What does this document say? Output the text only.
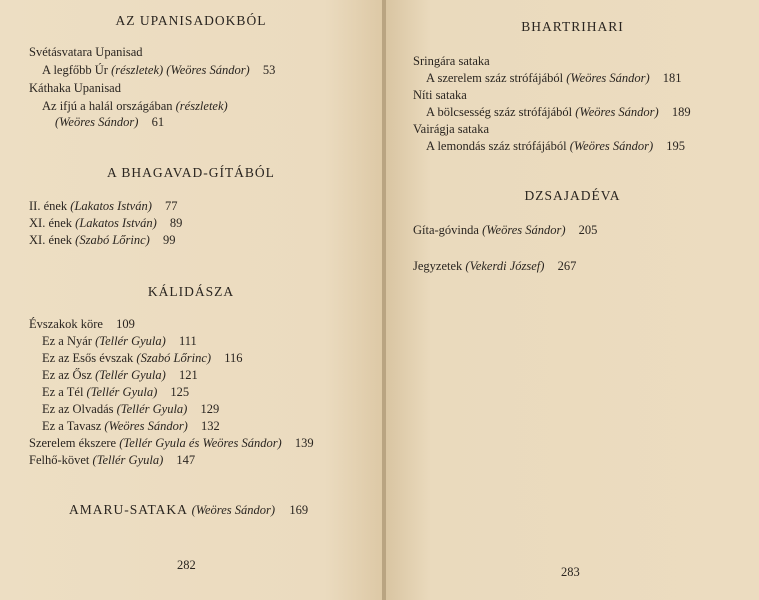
AZ UPANISADOKBÓL
Svétásvatara Upanisad
A legfőbb Úr (részletek) (Weöres Sándor) 53
Káthaka Upanisad
Az ifjú a halál országában (részletek)
(Weöres Sándor) 61
A BHAGAVAD-GÍTÁBÓL
II. ének (Lakatos István) 77
XI. ének (Lakatos István) 89
XI. ének (Szabó Lőrinc) 99
KÁLIDÁSZA
Évszakok köre 109
Ez a Nyár (Tellér Gyula) 111
Ez az Esős évszak (Szabó Lőrinc) 116
Ez az Ősz (Tellér Gyula) 121
Ez a Tél (Tellér Gyula) 125
Ez az Olvadás (Tellér Gyula) 129
Ez a Tavasz (Weöres Sándor) 132
Szerelem ékszere (Tellér Gyula és Weöres Sándor) 139
Felhő-követ (Tellér Gyula) 147
AMARU-SATAKA (Weöres Sándor) 169
282
BHARTRIHARI
Sringára sataka
A szerelem száz strófájából (Weöres Sándor) 181
Níti sataka
A bölcsesség száz strófájából (Weöres Sándor) 189
Vairágja sataka
A lemondás száz strófájából (Weöres Sándor) 195
DZSAJADÉVA
Gíta-góvinda (Weöres Sándor) 205
Jegyzetek (Vekerdi József) 267
283
